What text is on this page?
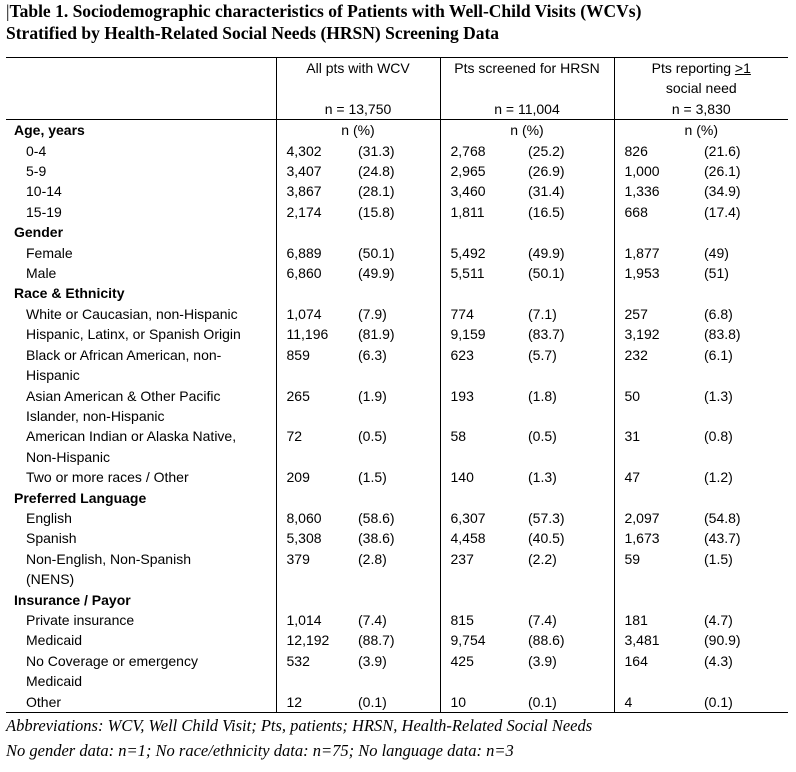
|Table 1. Sociodemographic characteristics of Patients with Well-Child Visits (WCVs)
Stratified by Health-Related Social Needs (HRSN) Screening Data
	All pts with WCV		Pts screened for HRSN		Pts reporting >1	
					social need	
	n = 13,750		n = 11,004		n = 3,830	
Age, years	n (%)		n (%)		n (%)	
0-4	4,302	(31.3)	2,768	(25.2)	826	(21.6)
5-9	3,407	(24.8)	2,965	(26.9)	1,000	(26.1)
10-14	3,867	(28.1)	3,460	(31.4)	1,336	(34.9)
15-19	2,174	(15.8)	1,811	(16.5)	668	(17.4)
Gender						
Female	6,889	(50.1)	5,492	(49.9)	1,877	(49)
Male	6,860	(49.9)	5,511	(50.1)	1,953	(51)
Race & Ethnicity						
White or Caucasian, non-Hispanic	1,074	(7.9)	774	(7.1)	257	(6.8)
Hispanic, Latinx, or Spanish Origin	11,196	(81.9)	9,159	(83.7)	3,192	(83.8)
Black or African American, non-	859	(6.3)	623	(5.7)	232	(6.1)
Hispanic						
Asian American & Other Pacific	265	(1.9)	193	(1.8)	50	(1.3)
Islander, non-Hispanic						
American Indian or Alaska Native,	72	(0.5)	58	(0.5)	31	(0.8)
Non-Hispanic						
Two or more races / Other	209	(1.5)	140	(1.3)	47	(1.2)
Preferred Language						
English	8,060	(58.6)	6,307	(57.3)	2,097	(54.8)
Spanish	5,308	(38.6)	4,458	(40.5)	1,673	(43.7)
Non-English, Non-Spanish	379	(2.8)	237	(2.2)	59	(1.5)
(NENS)						
Insurance / Payor						
Private insurance	1,014	(7.4)	815	(7.4)	181	(4.7)
Medicaid	12,192	(88.7)	9,754	(88.6)	3,481	(90.9)
No Coverage or emergency	532	(3.9)	425	(3.9)	164	(4.3)
Medicaid						
Other	12	(0.1)	10	(0.1)	4	(0.1)
Abbreviations: WCV, Well Child Visit; Pts, patients; HRSN, Health-Related Social Needs
No gender data: n=1; No race/ethnicity data: n=75; No language data: n=3
